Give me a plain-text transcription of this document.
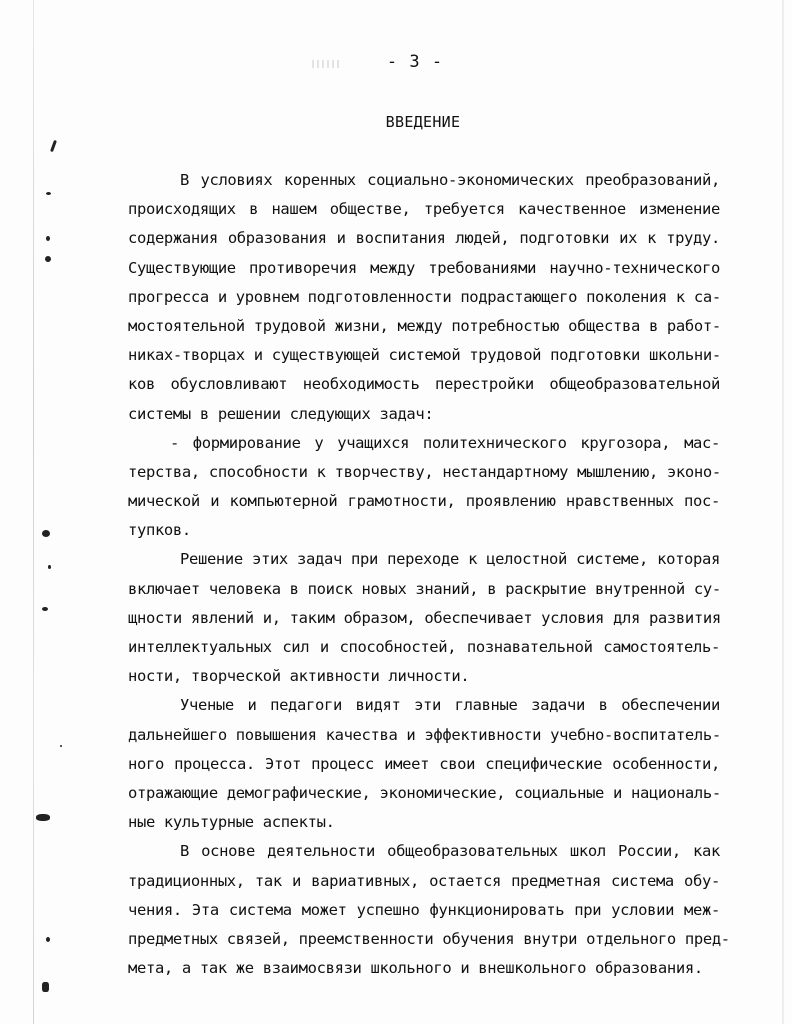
- 3 -
ВВЕДЕНИЕ
В условиях коренных социально-экономических преобразований,
происходящих в нашем обществе, требуется качественное изменение
содержания образования и воспитания людей, подготовки их к труду.
Существующие противоречия между требованиями научно-технического
прогресса и уровнем подготовленности подрастающего поколения к са-
мостоятельной трудовой жизни, между потребностью общества в работ-
никах-творцах и существующей системой трудовой подготовки школьни-
ков обусловливают необходимость перестройки общеобразовательной
системы в решении следующих задач:
- формирование у учащихся политехнического кругозора, мас-
терства, способности к творчеству, нестандартному мышлению, эконо-
мической и компьютерной грамотности, проявлению нравственных пос-
тупков.
Решение этих задач при переходе к целостной системе, которая
включает человека в поиск новых знаний, в раскрытие внутренной су-
щности явлений и, таким образом, обеспечивает условия для развития
интеллектуальных сил и способностей, познавательной самостоятель-
ности, творческой активности личности.
Ученые и педагоги видят эти главные задачи в обеспечении
дальнейшего повышения качества и эффективности учебно-воспитатель-
ного процесса. Этот процесс имеет свои специфические особенности,
отражающие демографические, экономические, социальные и националь-
ные культурные аспекты.
В основе деятельности общеобразовательных школ России, как
традиционных, так и вариативных, остается предметная система обу-
чения. Эта система может успешно функционировать при условии меж-
предметных связей, преемственности обучения внутри отдельного пред-
мета, а так же взаимосвязи школьного и внешкольного образования.
